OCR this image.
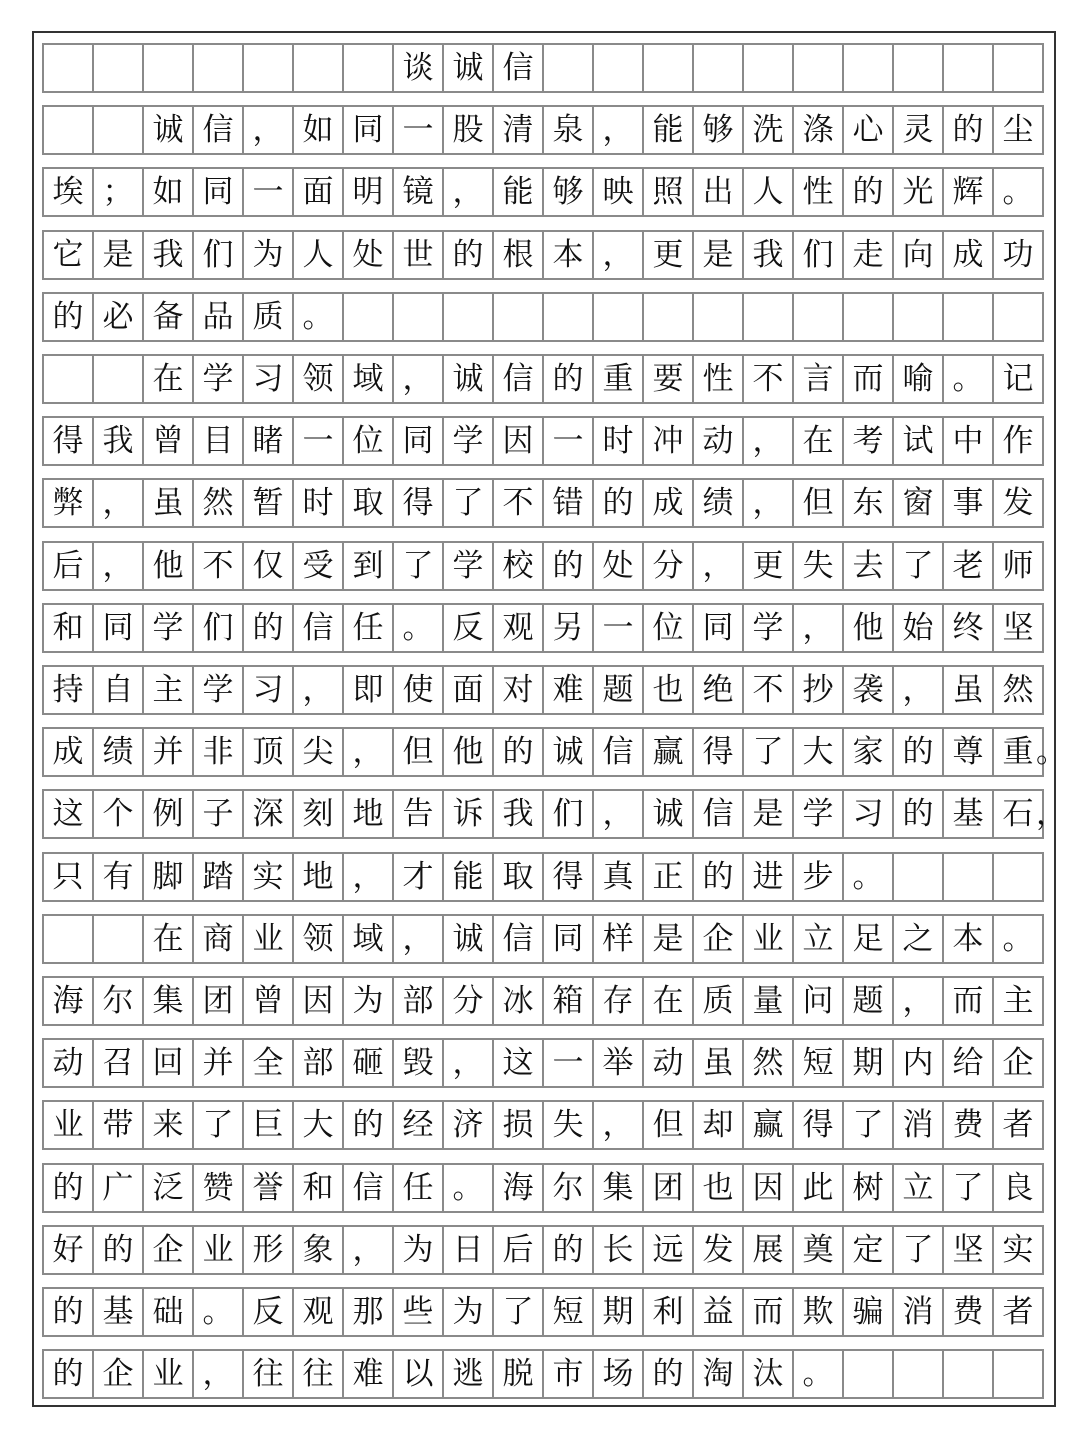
谈 诚 信
诚 信 ， 如 同 一 股 清 泉 ， 能 够 洗 涤 心 灵 的 尘
埃 ； 如 同 一 面 明 镜 ， 能 够 映 照 出 人 性 的 光 辉 。
它 是 我 们 为 人 处 世 的 根 本 ， 更 是 我 们 走 向 成 功
的 必 备 品 质 。
在 学 习 领 域 ， 诚 信 的 重 要 性 不 言 而 喻 。 记
得 我 曾 目 睹 一 位 同 学 因 一 时 冲 动 ， 在 考 试 中 作
弊 ， 虽 然 暂 时 取 得 了 不 错 的 成 绩 ， 但 东 窗 事 发
后 ， 他 不 仅 受 到 了 学 校 的 处 分 ， 更 失 去 了 老 师
和 同 学 们 的 信 任 。 反 观 另 一 位 同 学 ， 他 始 终 坚
持 自 主 学 习 ， 即 使 面 对 难 题 也 绝 不 抄 袭 ， 虽 然
成 绩 并 非 顶 尖 ， 但 他 的 诚 信 赢 得 了 大 家 的 尊 重
这 个 例 子 深 刻 地 告 诉 我 们 ， 诚 信 是 学 习 的 基 石
只 有 脚 踏 实 地 ， 才 能 取 得 真 正 的 进 步 。
在 商 业 领 域 ， 诚 信 同 样 是 企 业 立 足 之 本 。
海 尔 集 团 曾 因 为 部 分 冰 箱 存 在 质 量 问 题 ， 而 主
动 召 回 并 全 部 砸 毁 ， 这 一 举 动 虽 然 短 期 内 给 企
业 带 来 了 巨 大 的 经 济 损 失 ， 但 却 赢 得 了 消 费 者
的 广 泛 赞 誉 和 信 任 。 海 尔 集 团 也 因 此 树 立 了 良
好 的 企 业 形 象 ， 为 日 后 的 长 远 发 展 奠 定 了 坚 实
的 基 础 。 反 观 那 些 为 了 短 期 利 益 而 欺 骗 消 费 者
的 企 业 ， 往 往 难 以 逃 脱 市 场 的 淘 汰 。
。
，
